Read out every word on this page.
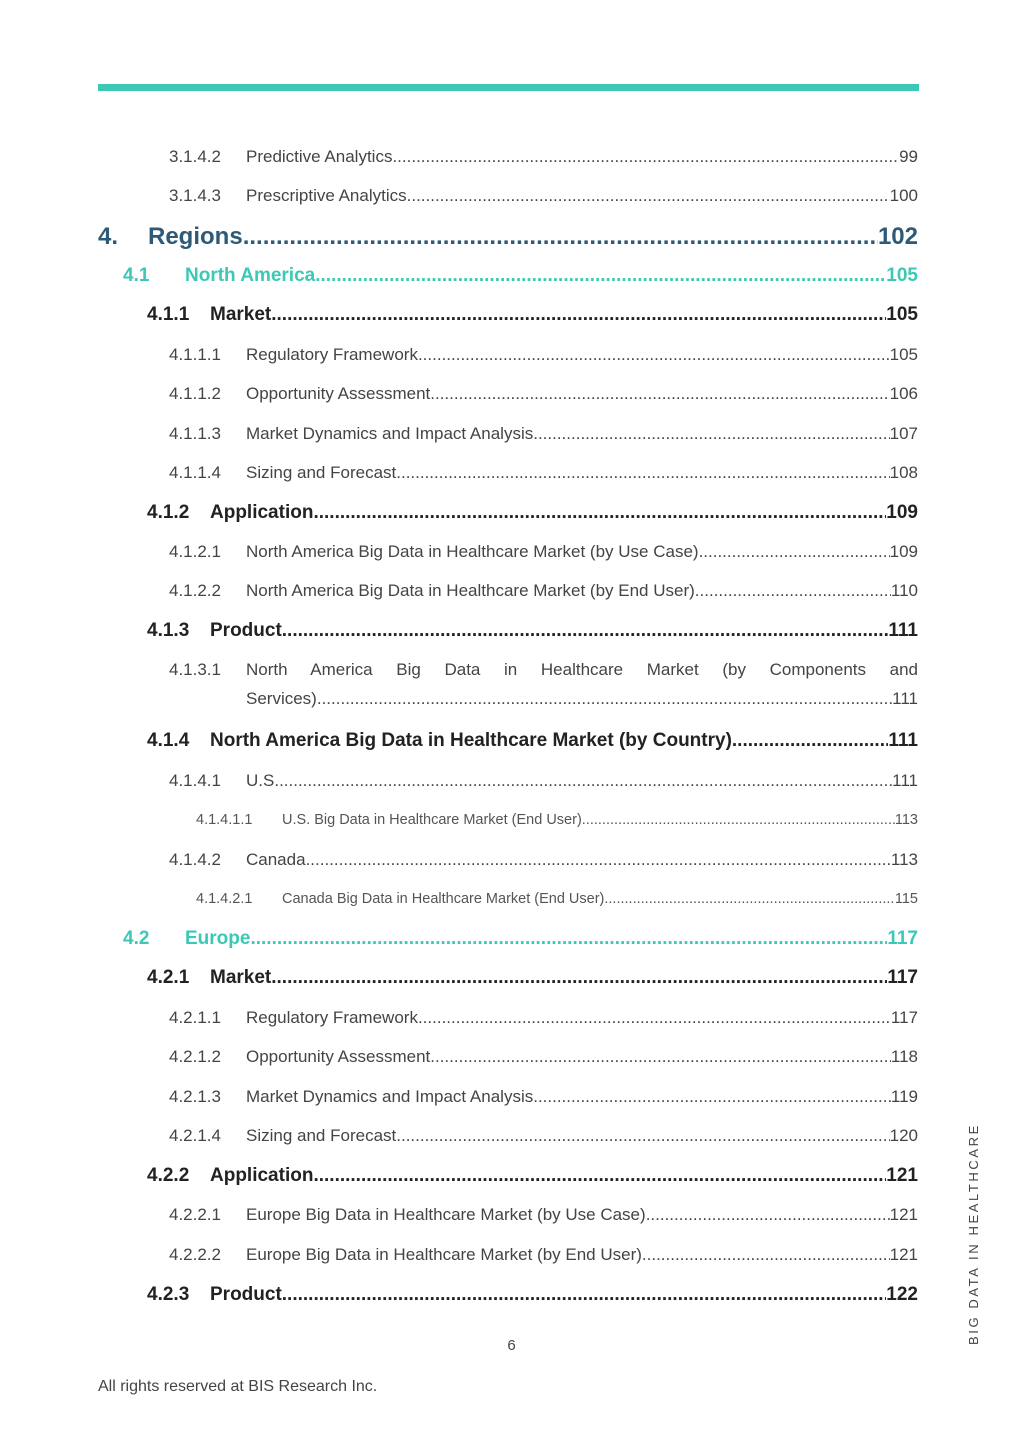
3.1.4.2	Predictive Analytics .....	99
3.1.4.3	Prescriptive Analytics .....	100
4.	Regions .....	102
4.1	North America .....	105
4.1.1	Market .....	105
4.1.1.1	Regulatory Framework .....	105
4.1.1.2	Opportunity Assessment .....	106
4.1.1.3	Market Dynamics and Impact Analysis .....	107
4.1.1.4	Sizing and Forecast .....	108
4.1.2	Application .....	109
4.1.2.1	North America Big Data in Healthcare Market (by Use Case) .....	109
4.1.2.2	North America Big Data in Healthcare Market (by End User) .....	110
4.1.3	Product .....	111
4.1.3.1	North America Big Data in Healthcare Market (by Components and
Services) .....	111
4.1.4	North America Big Data in Healthcare Market (by Country) .....	111
4.1.4.1	U.S. .....	111
4.1.4.1.1	U.S. Big Data in Healthcare Market (End User) .....	113
4.1.4.2	Canada .....	113
4.1.4.2.1	Canada Big Data in Healthcare Market (End User) .....	115
4.2	Europe .....	117
4.2.1	Market .....	117
4.2.1.1	Regulatory Framework .....	117
4.2.1.2	Opportunity Assessment .....	118
4.2.1.3	Market Dynamics and Impact Analysis .....	119
4.2.1.4	Sizing and Forecast .....	120
4.2.2	Application .....	121
4.2.2.1	Europe Big Data in Healthcare Market (by Use Case) .....	121
4.2.2.2	Europe Big Data in Healthcare Market (by End User) .....	121
4.2.3	Product .....	122
6
All rights reserved at BIS Research Inc.
BIG DATA IN HEALTHCARE
